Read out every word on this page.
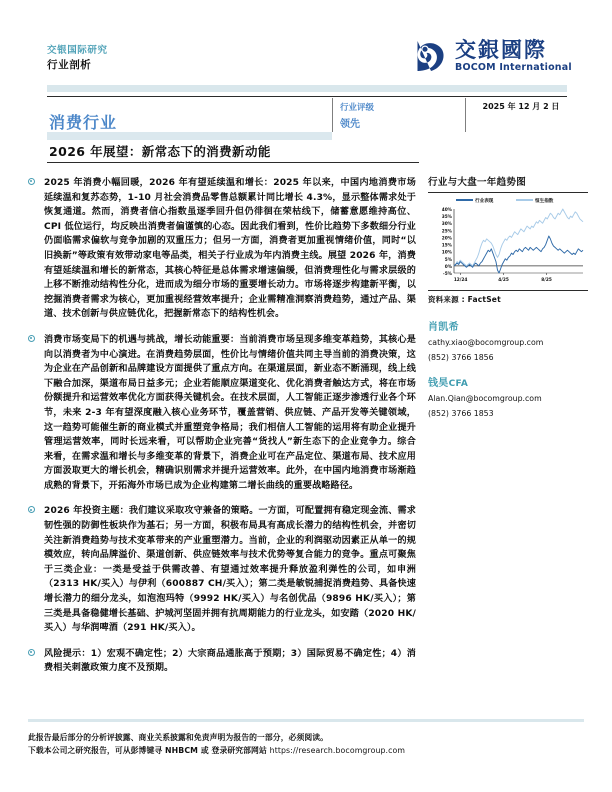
交银国际研究
行业剖析
交銀國際
BOCOM International
消费行业
行业评级
领先
2025 年 12 月 2 日
2026 年展望：新常态下的消费新动能
2025 年消费小幅回暖，2026 年有望延续温和增长：2025 年以来，中国内地消费市场延续温和复苏态势，1-10 月社会消费品零售总额累计同比增长 4.3%，显示整体需求处于恢复通道。然而，消费者信心指数虽逐季回升但仍徘徊在荣枯线下，储蓄意愿维持高位、CPI 低位运行，均反映出消费者偏谨慎的心态。因此我们看到，性价比趋势下多数细分行业仍面临需求偏软与竞争加剧的双重压力；但另一方面，消费者更加重视情绪价值，同时“以旧换新”等政策有效带动家电等品类，相关子行业成为年内消费主线。展望 2026 年，消费有望延续温和增长的新常态，其核心特征是总体需求增速偏缓，但消费理性化与需求层级的上移不断推动结构性分化，进而成为细分市场的重要增长动力。市场将逐步构建新平衡，以挖掘消费者需求为核心，更加重视经营效率提升；企业需精准洞察消费趋势，通过产品、渠道、技术创新与供应链优化，把握新常态下的结构性机会。
消费市场变局下的机遇与挑战，增长动能重要：当前消费市场呈现多维变革趋势，其核心是向以消费者为中心演进。在消费趋势层面，性价比与情绪价值共同主导当前的消费决策，这为企业在产品创新和品牌建设方面提供了重点方向。在渠道层面，新业态不断涌现，线上线下融合加深，渠道布局日益多元；企业若能顺应渠道变化、优化消费者触达方式，将在市场份额提升和运营效率优化方面获得关键机会。在技术层面，人工智能正逐步渗透行业各个环节，未来 2-3 年有望深度融入核心业务环节，覆盖营销、供应链、产品开发等关键领域，这一趋势可能催生新的商业模式并重塑竞争格局；我们相信人工智能的运用将有助企业提升管理运营效率，同时长远来看，可以帮助企业完善“货找人”新生态下的企业竞争力。综合来看，在需求温和增长与多维变革的背景下，消费企业可在产品定位、渠道布局、技术应用方面汲取更大的增长机会，精确识别需求并提升运营效率。此外，在中国内地消费市场渐趋成熟的背景下，开拓海外市场已成为企业构建第二增长曲线的重要战略路径。
2026 年投资主题：我们建议采取攻守兼备的策略。一方面，可配置拥有稳定现金流、需求韧性强的防御性板块作为基石；另一方面，积极布局具有高成长潜力的结构性机会，并密切关注新消费趋势与技术变革带来的产业重塑潜力。当前，企业的利润驱动因素正从单一的规模效应，转向品牌溢价、渠道创新、供应链效率与技术优势等复合能力的竞争。重点可聚焦于三类企业：一类是受益于供需改善、有望通过效率提升释放盈利弹性的公司，如申洲（2313 HK/买入）与伊利（600887 CH/买入）；第二类是敏锐捕捉消费趋势、具备快速增长潜力的细分龙头，如泡泡玛特（9992 HK/买入）与名创优品（9896 HK/买入）；第三类是具备稳健增长基础、护城河坚固并拥有抗周期能力的行业龙头，如安踏（2020 HK/买入）与华润啤酒（291 HK/买入）。
风险提示：1）宏观不确定性；2）大宗商品通胀高于预期；3）国际贸易不确定性；4）消费相关刺激政策力度不及预期。
行业与大盘一年趋势图
40%
35%
30%
25%
20%
15%
10%
5%
0%
-5%
12/24	4/25	8/25
行业表现	恒生指数
资料来源 : FactSet
肖凯希
cathy.xiao@bocomgroup.com
(852) 3766 1856
钱昊CFA
Alan.Qian@bocomgroup.com
(852) 3766 1853
此报告最后部分的分析评披露、商业关系披露和免责声明为报告的一部分，必须阅读。
下载本公司之研究报告，可从彭博键寻 NHBCM 或 登录研究部网站 https://research.bocomgroup.com
